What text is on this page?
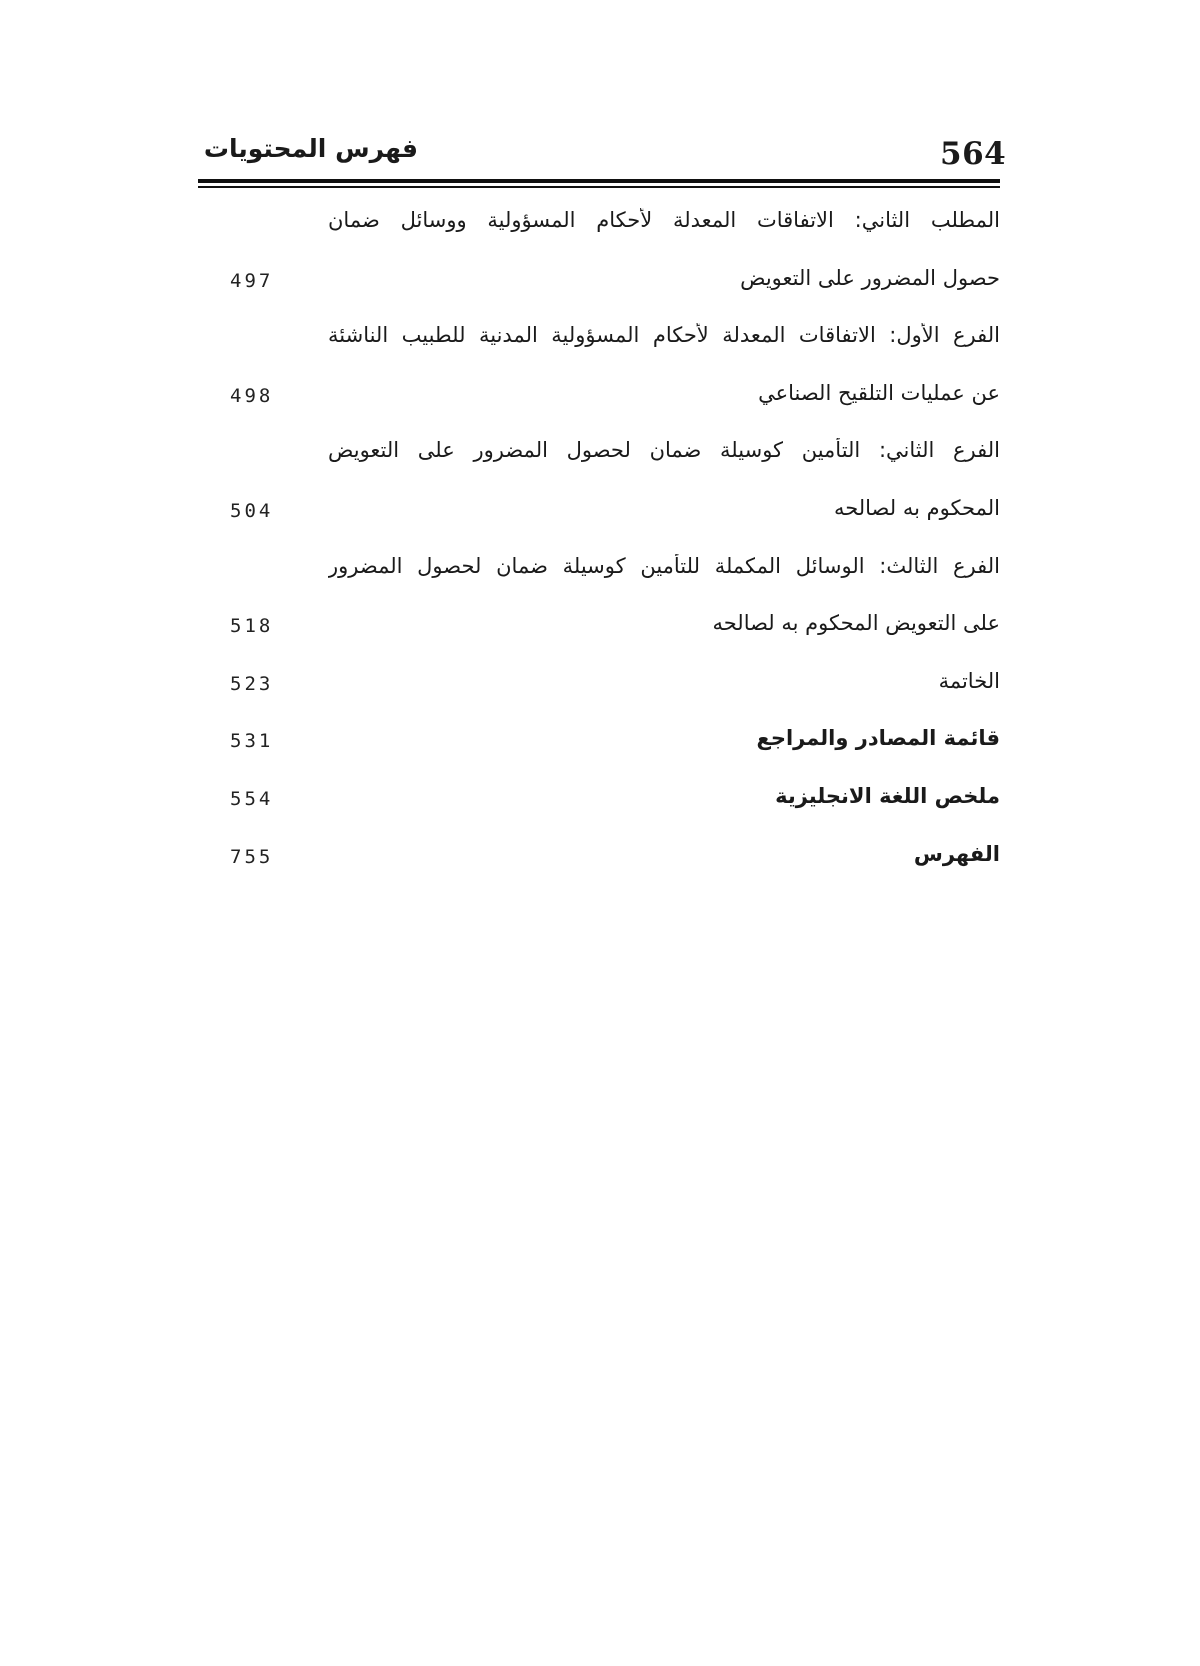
فهرس المحتويات	564
المطلب الثاني: الاتفاقات المعدلة لأحكام المسؤولية ووسائل ضمان
حصول المضرور على التعويض
497
الفرع الأول: الاتفاقات المعدلة لأحكام المسؤولية المدنية للطبيب الناشئة
عن عمليات التلقيح الصناعي
498
الفرع الثاني: التأمين كوسيلة ضمان لحصول المضرور على التعويض
المحكوم به لصالحه
504
الفرع الثالث: الوسائل المكملة للتأمين كوسيلة ضمان لحصول المضرور
على التعويض المحكوم به لصالحه
518
الخاتمة
523
قائمة المصادر والمراجع
531
ملخص اللغة الانجليزية
554
الفهرس
755
